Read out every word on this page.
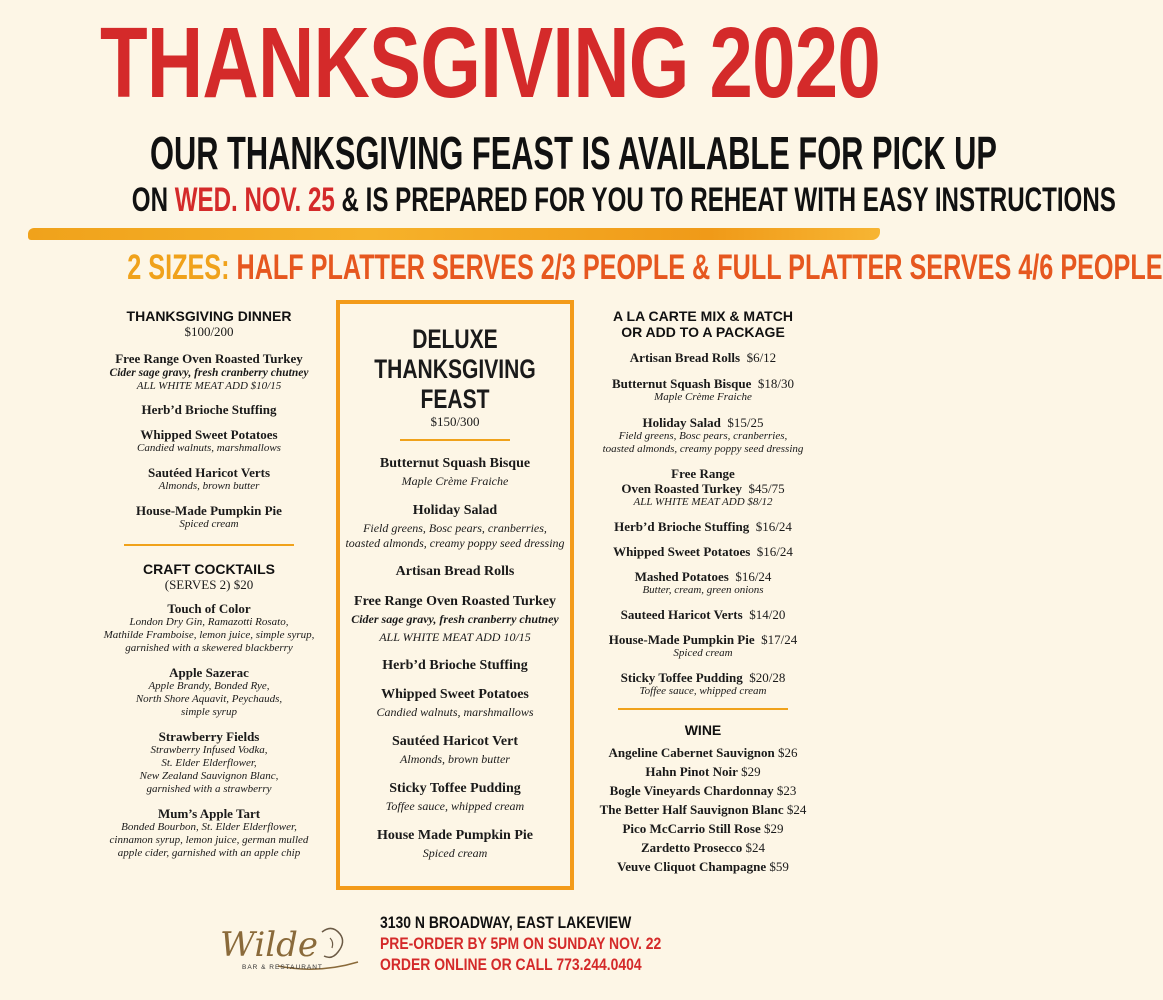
THANKSGIVING 2020
OUR THANKSGIVING FEAST IS AVAILABLE FOR PICK UP
ON WED. NOV. 25 & IS PREPARED FOR YOU TO REHEAT WITH EASY INSTRUCTIONS
2 SIZES: HALF PLATTER SERVES 2/3 PEOPLE & FULL PLATTER SERVES 4/6 PEOPLE
THANKSGIVING DINNER
$100/200
Free Range Oven Roasted Turkey
Cider sage gravy, fresh cranberry chutney
ALL WHITE MEAT ADD $10/15
Herb’d Brioche Stuffing
Whipped Sweet Potatoes
Candied walnuts, marshmallows
Sautéed Haricot Verts
Almonds, brown butter
House-Made Pumpkin Pie
Spiced cream
CRAFT COCKTAILS
(SERVES 2) $20
Touch of Color
London Dry Gin, Ramazotti Rosato,
Mathilde Framboise, lemon juice, simple syrup,
garnished with a skewered blackberry
Apple Sazerac
Apple Brandy, Bonded Rye,
North Shore Aquavit, Peychauds,
simple syrup
Strawberry Fields
Strawberry Infused Vodka,
St. Elder Elderflower,
New Zealand Sauvignon Blanc,
garnished with a strawberry
Mum’s Apple Tart
Bonded Bourbon, St. Elder Elderflower,
cinnamon syrup, lemon juice, german mulled
apple cider, garnished with an apple chip
DELUXE
THANKSGIVING
FEAST
$150/300
Butternut Squash Bisque
Maple Crème Fraiche
Holiday Salad
Field greens, Bosc pears, cranberries,
toasted almonds, creamy poppy seed dressing
Artisan Bread Rolls
Free Range Oven Roasted Turkey
Cider sage gravy, fresh cranberry chutney
ALL WHITE MEAT ADD 10/15
Herb’d Brioche Stuffing
Whipped Sweet Potatoes
Candied walnuts, marshmallows
Sautéed Haricot Vert
Almonds, brown butter
Sticky Toffee Pudding
Toffee sauce, whipped cream
House Made Pumpkin Pie
Spiced cream
A LA CARTE MIX & MATCH
OR ADD TO A PACKAGE
Artisan Bread Rolls $6/12
Butternut Squash Bisque $18/30
Maple Crème Fraiche
Holiday Salad $15/25
Field greens, Bosc pears, cranberries,
toasted almonds, creamy poppy seed dressing
Free Range
Oven Roasted Turkey $45/75
ALL WHITE MEAT ADD $8/12
Herb’d Brioche Stuffing $16/24
Whipped Sweet Potatoes $16/24
Mashed Potatoes $16/24
Butter, cream, green onions
Sauteed Haricot Verts $14/20
House-Made Pumpkin Pie $17/24
Spiced cream
Sticky Toffee Pudding $20/28
Toffee sauce, whipped cream
WINE
Angeline Cabernet Sauvignon $26
Hahn Pinot Noir $29
Bogle Vineyards Chardonnay $23
The Better Half Sauvignon Blanc $24
Pico McCarrio Still Rose $29
Zardetto Prosecco $24
Veuve Cliquot Champagne $59
Wilde
BAR & RESTAURANT
3130 N BROADWAY, EAST LAKEVIEW
PRE-ORDER BY 5PM ON SUNDAY NOV. 22
ORDER ONLINE OR CALL 773.244.0404
